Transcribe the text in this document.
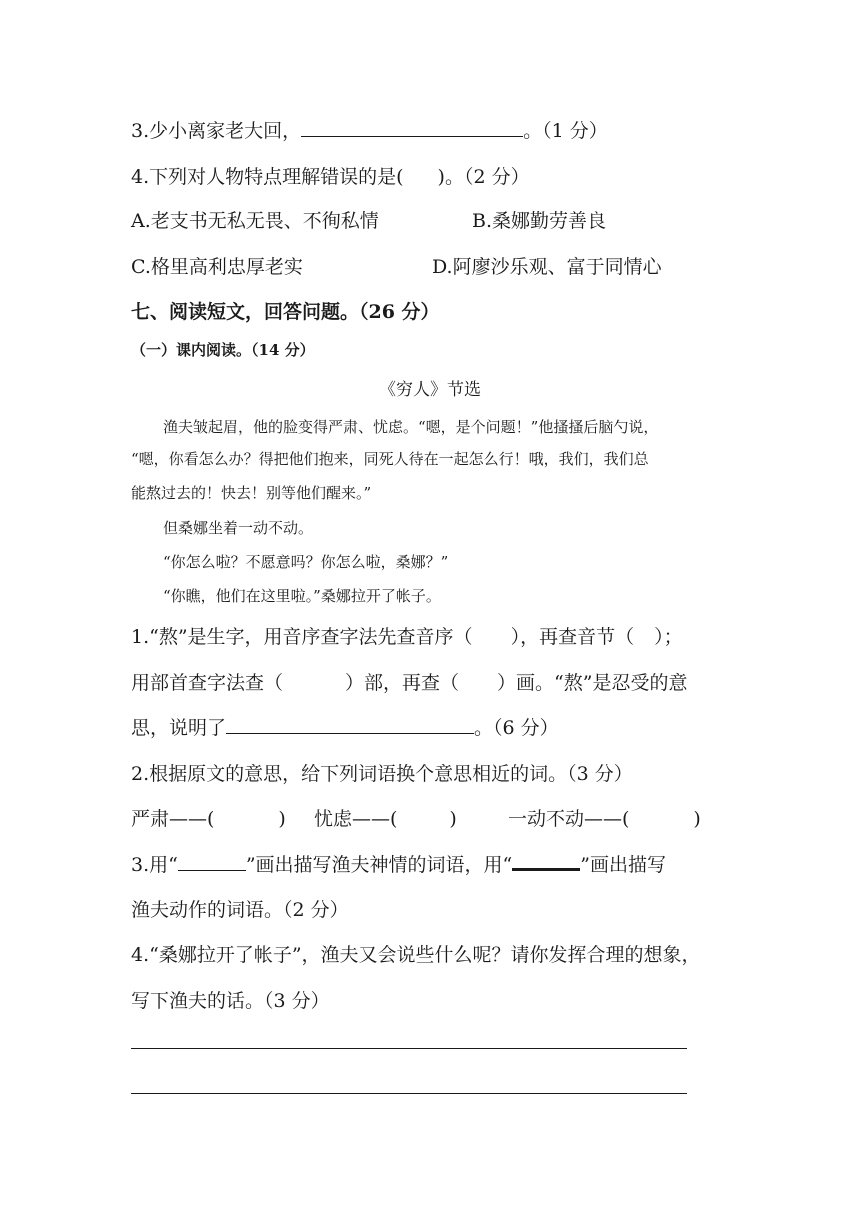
3.少小离家老大回，	。（1 分）
4.下列对人物特点理解错误的是( )。（2 分）
A.老支书无私无畏、不徇私情	B.桑娜勤劳善良
C.格里高利忠厚老实	D.阿廖沙乐观、富于同情心
七、阅读短文，回答问题。（26 分）
（一）课内阅读。（14 分）
《穷人》节选
渔夫皱起眉，他的脸变得严肃、忧虑。“嗯，是个问题！”他搔搔后脑勺说，
“嗯，你看怎么办？得把他们抱来，同死人待在一起怎么行！哦，我们，我们总
能熬过去的！快去！别等他们醒来。”
但桑娜坐着一动不动。
“你怎么啦？不愿意吗？你怎么啦，桑娜？”
“你瞧，他们在这里啦。”桑娜拉开了帐子。
1.“熬”是生字，用音序查字法先查音序（ ），再查音节（ ）；
用部首查字法查（	）部，再查（ ）画。“熬”是忍受的意
思，说明了	。（6 分）
2.根据原文的意思，给下列词语换个意思相近的词。（3 分）
严肃——(	) 忧虑——(	)	一动不动——(	)
3.用“	”画出描写渔夫神情的词语，用“	”画出描写
渔夫动作的词语。（2 分）
4.“桑娜拉开了帐子”，渔夫又会说些什么呢？请你发挥合理的想象，
写下渔夫的话。（3 分）
